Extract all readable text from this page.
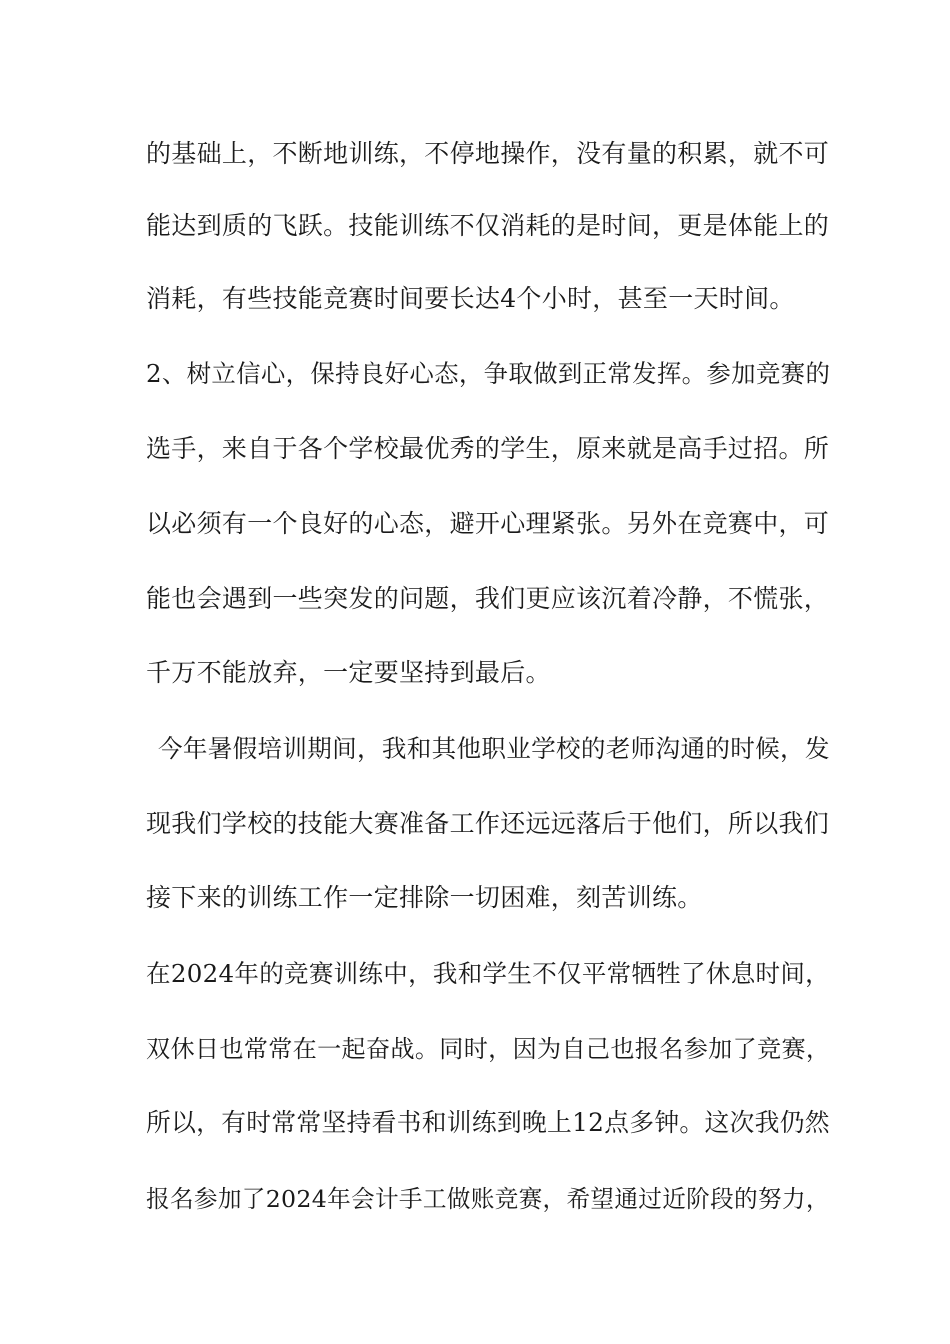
的基础上，不断地训练，不停地操作，没有量的积累，就不可
能达到质的飞跃。技能训练不仅消耗的是时间，更是体能上的
消耗，有些技能竞赛时间要长达4个小时，甚至一天时间。
2、树立信心，保持良好心态，争取做到正常发挥。参加竞赛的
选手，来自于各个学校最优秀的学生，原来就是高手过招。所
以必须有一个良好的心态，避开心理紧张。另外在竞赛中，可
能也会遇到一些突发的问题，我们更应该沉着冷静，不慌张，
千万不能放弃，一定要坚持到最后。
今年暑假培训期间，我和其他职业学校的老师沟通的时候，发
现我们学校的技能大赛准备工作还远远落后于他们，所以我们
接下来的训练工作一定排除一切困难，刻苦训练。
在2024年的竞赛训练中，我和学生不仅平常牺牲了休息时间，
双休日也常常在一起奋战。同时，因为自己也报名参加了竞赛，
所以，有时常常坚持看书和训练到晚上12点多钟。这次我仍然
报名参加了2024年会计手工做账竞赛，希望通过近阶段的努力，
